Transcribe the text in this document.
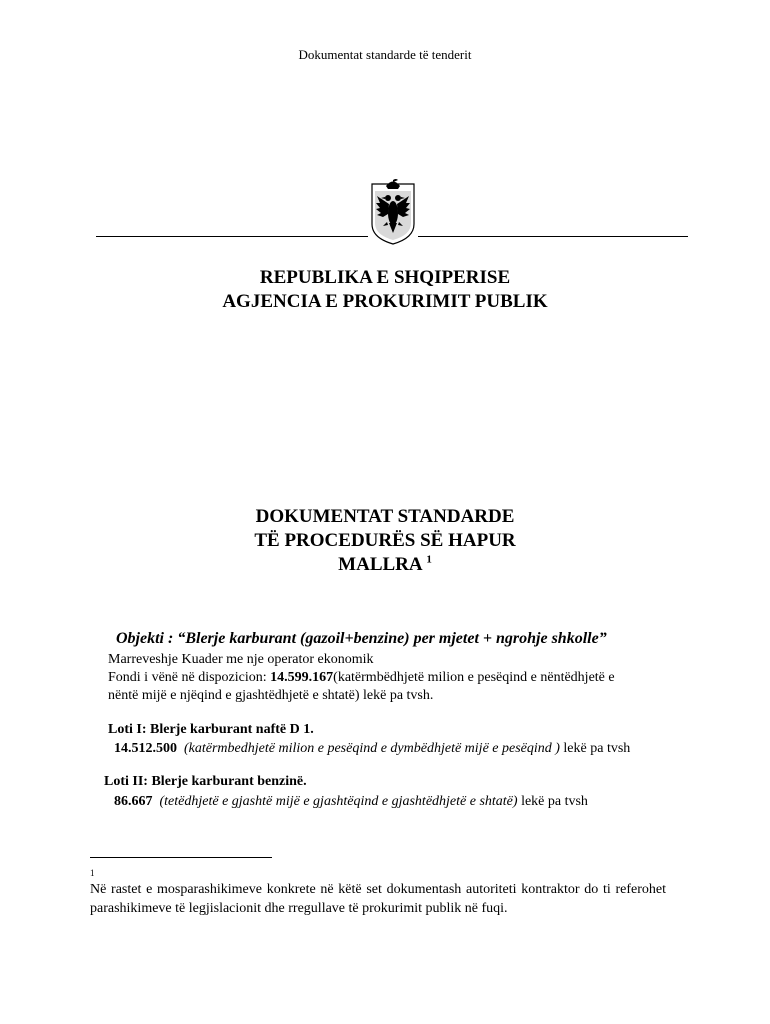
Dokumentat standarde të tenderit
REPUBLIKA E SHQIPERISE
AGJENCIA E PROKURIMIT PUBLIK
DOKUMENTAT STANDARDE
TË PROCEDURËS SË HAPUR
MALLRA $^1$
Objekti : “Blerje karburant (gazoil+benzine) per mjetet + ngrohje shkolle”
Marreveshje Kuader me nje operator ekonomik
Fondi i vënë në dispozicion: 14.599.167(katërmbëdhjetë milion e pesëqind e nëntëdhjetë e
nëntë mijë e njëqind e gjashtëdhjetë e shtatë) lekë pa tvsh.
Loti I: Blerje karburant naftë D 1.
14.512.500 (katërmbedhjetë milion e pesëqind e dymbëdhjetë mijë e pesëqind ) lekë pa tvsh
Loti II: Blerje karburant benzinë.
86.667 (tetëdhjetë e gjashtë mijë e gjashtëqind e gjashtëdhjetë e shtatë) lekë pa tvsh
1
Në rastet e mosparashikimeve konkrete në këtë set dokumentash autoriteti kontraktor do ti referohet parashikimeve të legjislacionit dhe rregullave të prokurimit publik në fuqi.
